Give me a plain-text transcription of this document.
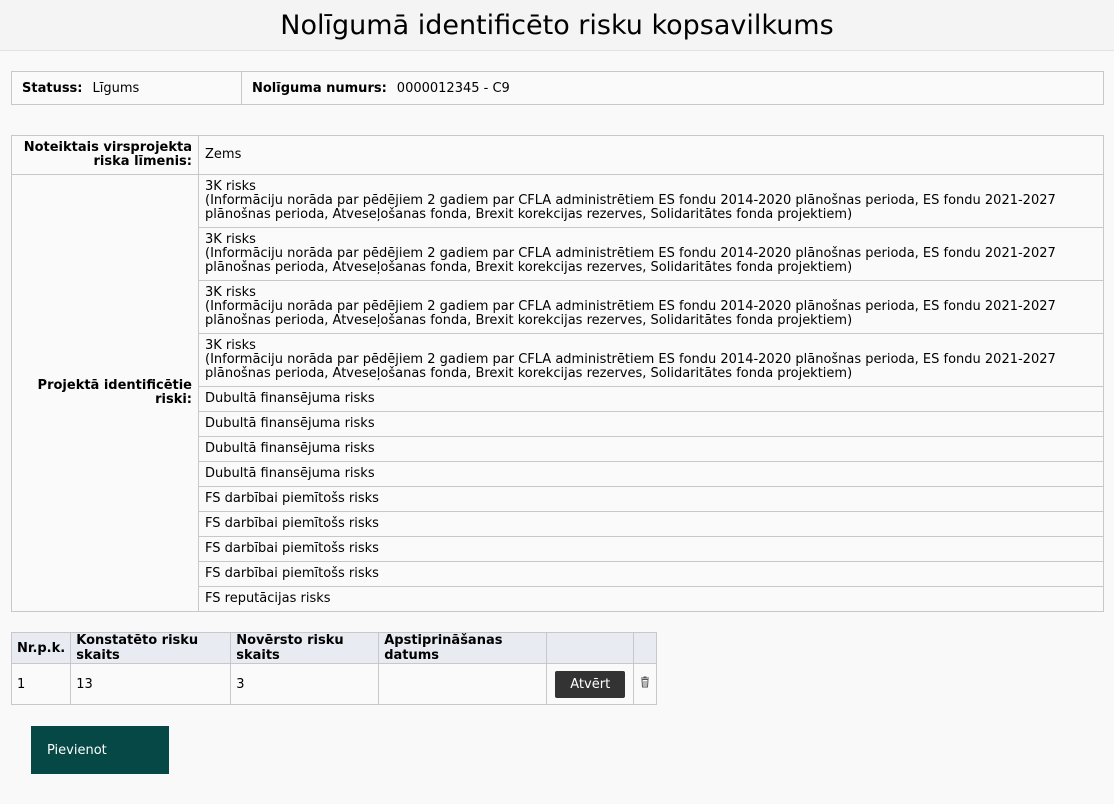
Nolīgumā identificēto risku kopsavilkums
Statuss: Līgums	Nolīguma numurs: 0000012345 - C9
Noteiktais virsprojekta riska līmenis:	Zems
Projektā identificētie riski:	3K risks
(Informāciju norāda par pēdējiem 2 gadiem par CFLA administrētiem ES fondu 2014-2020 plānošnas perioda, ES fondu 2021-2027 plānošnas perioda, Atveseļošanas fonda, Brexit korekcijas rezerves, Solidaritātes fonda projektiem)

	3K risks
(Informāciju norāda par pēdējiem 2 gadiem par CFLA administrētiem ES fondu 2014-2020 plānošnas perioda, ES fondu 2021-2027 plānošnas perioda, Atveseļošanas fonda, Brexit korekcijas rezerves, Solidaritātes fonda projektiem)

	3K risks
(Informāciju norāda par pēdējiem 2 gadiem par CFLA administrētiem ES fondu 2014-2020 plānošnas perioda, ES fondu 2021-2027 plānošnas perioda, Atveseļošanas fonda, Brexit korekcijas rezerves, Solidaritātes fonda projektiem)

	3K risks
(Informāciju norāda par pēdējiem 2 gadiem par CFLA administrētiem ES fondu 2014-2020 plānošnas perioda, ES fondu 2021-2027 plānošnas perioda, Atveseļošanas fonda, Brexit korekcijas rezerves, Solidaritātes fonda projektiem)

	Dubultā finansējuma risks
	Dubultā finansējuma risks
	Dubultā finansējuma risks
	Dubultā finansējuma risks
	FS darbībai piemītošs risks
	FS darbībai piemītošs risks
	FS darbībai piemītošs risks
	FS darbībai piemītošs risks
	FS reputācijas risks
Nr.p.k.	Konstatēto risku skaits	Novērsto risku skaits	Apstiprināšanas datums		
1	13	3		Atvērt	
Pievienot
